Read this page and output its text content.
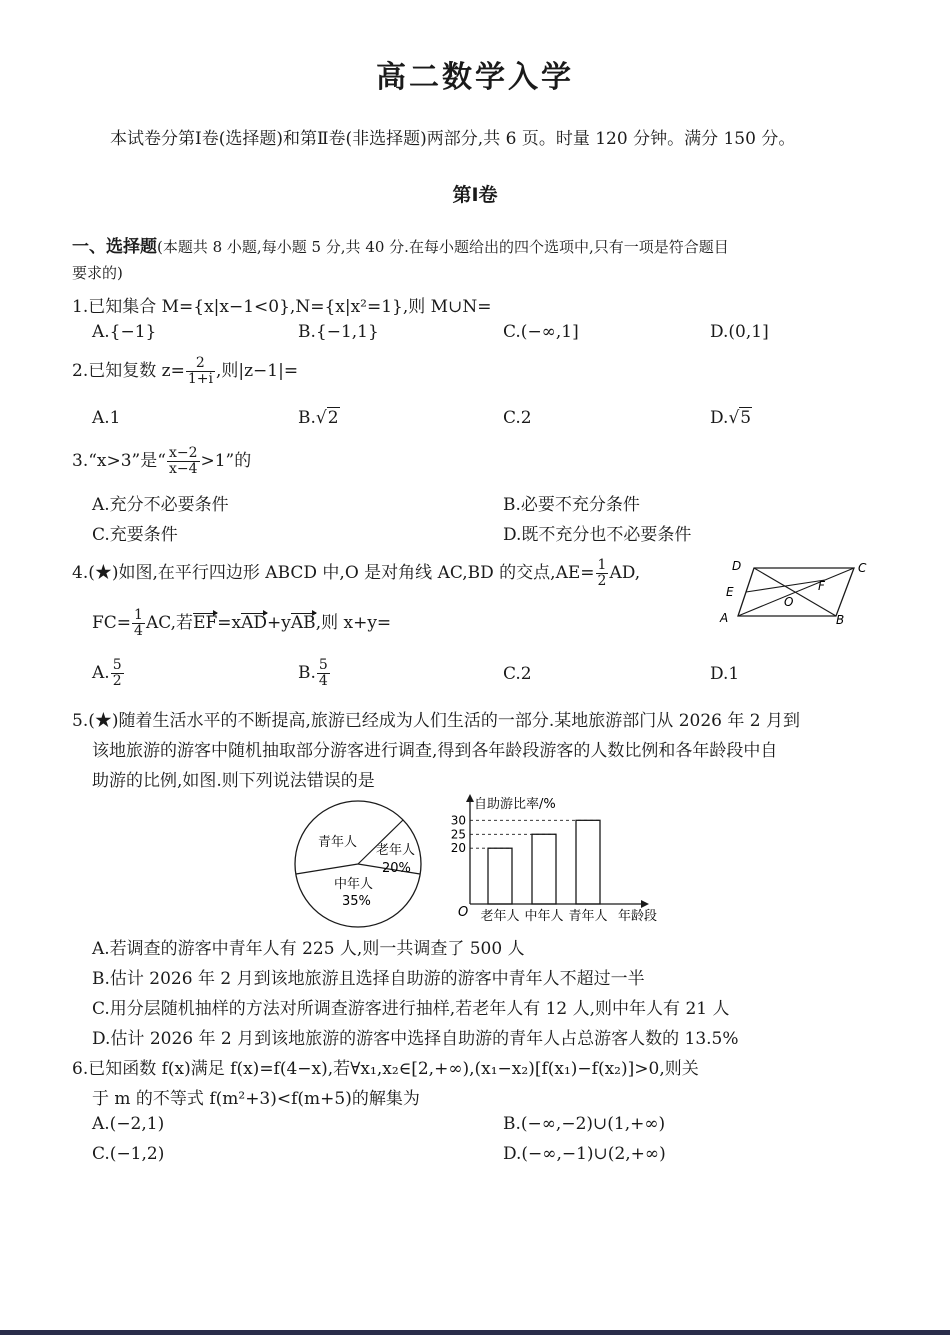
高二数学入学
本试卷分第Ⅰ卷(选择题)和第Ⅱ卷(非选择题)两部分,共 6 页。时量 120 分钟。满分 150 分。
第Ⅰ卷
一、选择题(本题共 8 小题,每小题 5 分,共 40 分.在每小题给出的四个选项中,只有一项是符合题目
要求的)
1.已知集合 M={x|x−1<0},N={x|x²=1},则 M∪N=
A.{−1}	B.{−1,1}	C.(−∞,1]	D.(0,1]
2.已知复数 $z= \frac{2}{1+i}$ ,则|z−1|=
A.1	B.√2	C.2	D.√5
3.“x>3”是“ $\frac{x-2}{x-4} >1$”的
A.充分不必要条件	B.必要不充分条件
C.充要条件	D.既不充分也不必要条件
4.(★)如图,在平行四边形 ABCD 中,O 是对角线 AC,BD 的交点$,AE= \frac{1}{2}$ AD,
$FC= \frac{1}{4}$ AC,若EF=xAD+yAB,则 x+y=
D	C
E	F
O
A	B
A. $\frac{5}{2}$	B. $\frac{5}{4}$	C.2	D.1
5.(★)随着生活水平的不断提高,旅游已经成为人们生活的一部分.某地旅游部门从 2026 年 2 月到
该地旅游的游客中随机抽取部分游客进行调查,得到各年龄段游客的人数比例和各年龄段中自
助游的比例,如图.则下列说法错误的是
青年人
老年人
20%
中年人
35%
自助游比率/%
年龄段
O 老年人
20
中年人
25
青年人
30
A.若调查的游客中青年人有 225 人,则一共调查了 500 人
B.估计 2026 年 2 月到该地旅游且选择自助游的游客中青年人不超过一半
C.用分层随机抽样的方法对所调查游客进行抽样,若老年人有 12 人,则中年人有 21 人
D.估计 2026 年 2 月到该地旅游的游客中选择自助游的青年人占总游客人数的 13.5%
6.已知函数 f(x)满足 f(x)=f(4−x),若∀x₁,x₂∈[2,+∞),(x₁−x₂)[f(x₁)−f(x₂)]>0,则关
于 m 的不等式 f(m²+3)<f(m+5)的解集为
A.(−2,1)	B.(−∞,−2)∪(1,+∞)
C.(−1,2)	D.(−∞,−1)∪(2,+∞)
